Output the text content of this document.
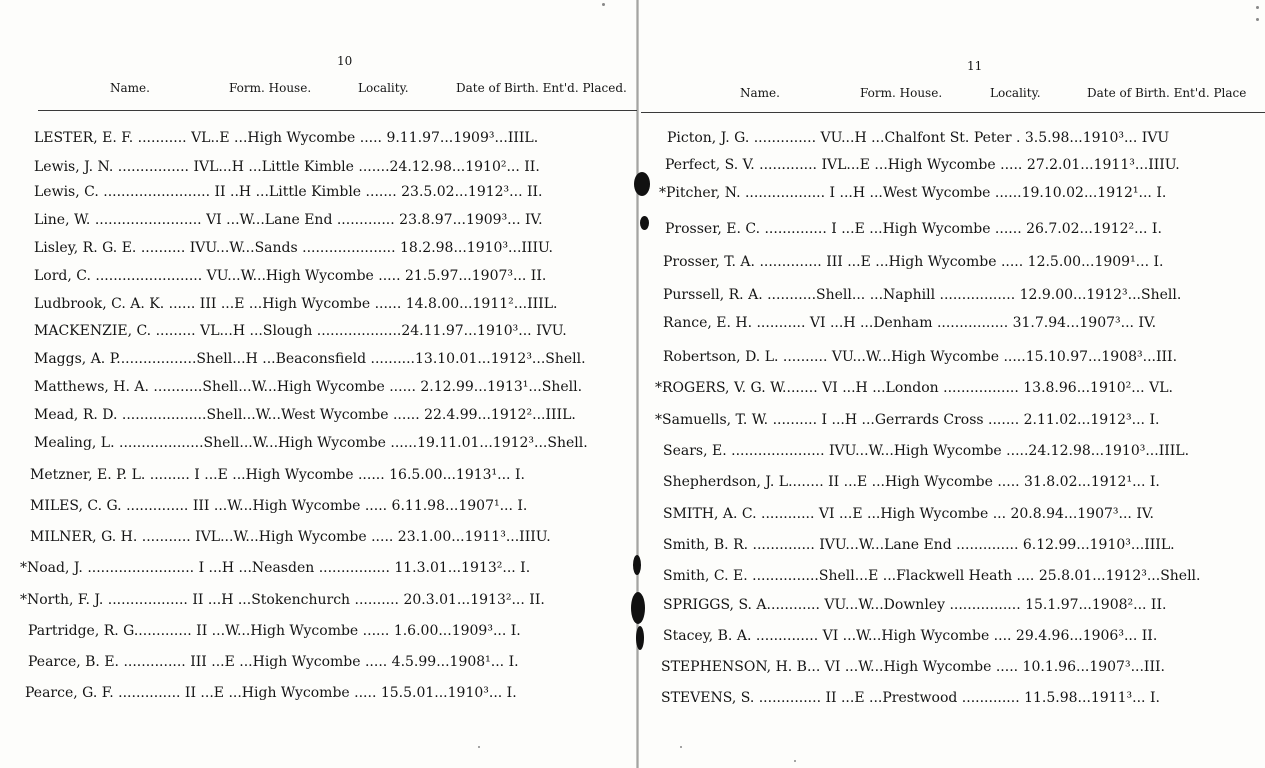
10
Name.	Form. House.	Locality.	Date of Birth. Ent'd. Placed.
LESTER, E. F. ........... VL..E ...High Wycombe ..... 9.11.97...1909³...IIIL.
Lewis, J. N. ................ IVL...H ...Little Kimble .......24.12.98...1910²... II.
Lewis, C. ........................ II ..H ...Little Kimble ....... 23.5.02...1912³... II.
Line, W. ........................ VI ...W...Lane End ............. 23.8.97...1909³... IV.
Lisley, R. G. E. .......... IVU...W...Sands ..................... 18.2.98...1910³...IIIU.
Lord, C. ........................ VU...W...High Wycombe ..... 21.5.97...1907³... II.
Ludbrook, C. A. K. ...... III ...E ...High Wycombe ...... 14.8.00...1911²...IIIL.
MACKENZIE, C. ......... VL...H ...Slough ...................24.11.97...1910³... IVU.
Maggs, A. P..................Shell...H ...Beaconsfield ..........13.10.01...1912³...Shell.
Matthews, H. A. ...........Shell...W...High Wycombe ...... 2.12.99...1913¹...Shell.
Mead, R. D. ...................Shell...W...West Wycombe ...... 22.4.99...1912²...IIIL.
Mealing, L. ...................Shell...W...High Wycombe ......19.11.01...1912³...Shell.
Metzner, E. P. L. ......... I ...E ...High Wycombe ...... 16.5.00...1913¹... I.
MILES, C. G. .............. III ...W...High Wycombe ..... 6.11.98...1907¹... I.
MILNER, G. H. ........... IVL...W...High Wycombe ..... 23.1.00...1911³...IIIU.
*Noad, J. ........................ I ...H ...Neasden ................ 11.3.01...1913²... I.
*North, F. J. .................. II ...H ...Stokenchurch .......... 20.3.01...1913²... II.
Partridge, R. G............. II ...W...High Wycombe ...... 1.6.00...1909³... I.
Pearce, B. E. .............. III ...E ...High Wycombe ..... 4.5.99...1908¹... I.
Pearce, G. F. .............. II ...E ...High Wycombe ..... 15.5.01...1910³... I.
11
Name.	Form. House.	Locality.	Date of Birth. Ent'd. Place
Picton, J. G. .............. VU...H ...Chalfont St. Peter . 3.5.98...1910³... IVU
Perfect, S. V. ............. IVL...E ...High Wycombe ..... 27.2.01...1911³...IIIU.
*Pitcher, N. .................. I ...H ...West Wycombe ......19.10.02...1912¹... I.
Prosser, E. C. .............. I ...E ...High Wycombe ...... 26.7.02...1912²... I.
Prosser, T. A. .............. III ...E ...High Wycombe ..... 12.5.00...1909¹... I.
Purssell, R. A. ...........Shell... ...Naphill ................. 12.9.00...1912³...Shell.
Rance, E. H. ........... VI ...H ...Denham ................ 31.7.94...1907³... IV.
Robertson, D. L. .......... VU...W...High Wycombe .....15.10.97...1908³...III.
*ROGERS, V. G. W........ VI ...H ...London ................. 13.8.96...1910²... VL.
*Samuells, T. W. .......... I ...H ...Gerrards Cross ....... 2.11.02...1912³... I.
Sears, E. ..................... IVU...W...High Wycombe .....24.12.98...1910³...IIIL.
Shepherdson, J. L........ II ...E ...High Wycombe ..... 31.8.02...1912¹... I.
SMITH, A. C. ............ VI ...E ...High Wycombe ... 20.8.94...1907³... IV.
Smith, B. R. .............. IVU...W...Lane End .............. 6.12.99...1910³...IIIL.
Smith, C. E. ...............Shell...E ...Flackwell Heath .... 25.8.01...1912³...Shell.
SPRIGGS, S. A............ VU...W...Downley ................ 15.1.97...1908²... II.
Stacey, B. A. .............. VI ...W...High Wycombe .... 29.4.96...1906³... II.
STEPHENSON, H. B... VI ...W...High Wycombe ..... 10.1.96...1907³...III.
STEVENS, S. .............. II ...E ...Prestwood ............. 11.5.98...1911³... I.
